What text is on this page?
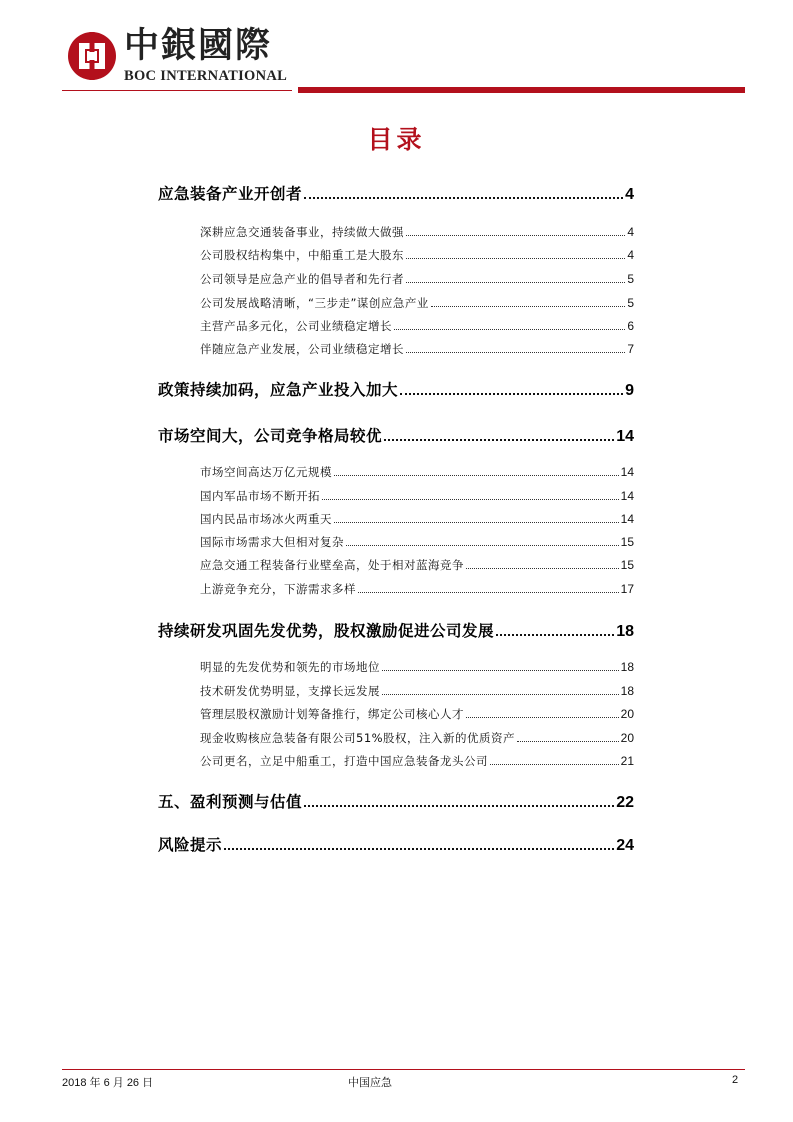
中銀國際
BOC INTERNATIONAL
目录
应急装备产业开创者	4
深耕应急交通装备事业，持续做大做强	4
公司股权结构集中，中船重工是大股东	4
公司领导是应急产业的倡导者和先行者	5
公司发展战略清晰，“三步走”谋创应急产业	5
主营产品多元化，公司业绩稳定增长	6
伴随应急产业发展，公司业绩稳定增长	7
政策持续加码，应急产业投入加大	9
市场空间大，公司竞争格局较优	14
市场空间高达万亿元规模	14
国内军品市场不断开拓	14
国内民品市场冰火两重天	14
国际市场需求大但相对复杂	15
应急交通工程装备行业壁垒高，处于相对蓝海竞争	15
上游竞争充分，下游需求多样	17
持续研发巩固先发优势，股权激励促进公司发展	18
明显的先发优势和领先的市场地位	18
技术研发优势明显，支撑长远发展	18
管理层股权激励计划筹备推行，绑定公司核心人才	20
现金收购核应急装备有限公司51%股权，注入新的优质资产	20
公司更名，立足中船重工，打造中国应急装备龙头公司	21
五、盈利预测与估值	22
风险提示	24
2018 年 6 月 26 日	中国应急	2
